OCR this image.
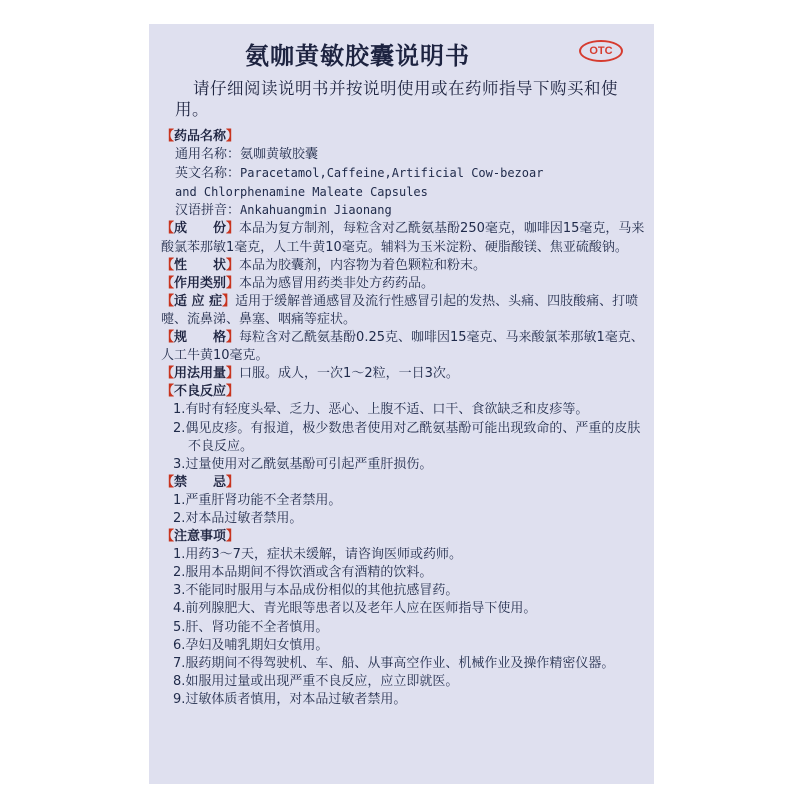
氨咖黄敏胶囊说明书	OTC
请仔细阅读说明书并按说明使用或在药师指导下购买和使用。
【药品名称】
通用名称：氨咖黄敏胶囊
英文名称：Paracetamol,Caffeine,Artificial Cow-bezoar
and Chlorphenamine Maleate Capsules
汉语拼音：Ankahuangmin Jiaonang
【成　　份】本品为复方制剂，每粒含对乙酰氨基酚250毫克，咖啡因15毫克，马来酸氯苯那敏1毫克，人工牛黄10毫克。辅料为玉米淀粉、硬脂酸镁、焦亚硫酸钠。
【性　　状】本品为胶囊剂，内容物为着色颗粒和粉末。
【作用类别】本品为感冒用药类非处方药药品。
【适 应 症】适用于缓解普通感冒及流行性感冒引起的发热、头痛、四肢酸痛、打喷嚏、流鼻涕、鼻塞、咽痛等症状。
【规　　格】每粒含对乙酰氨基酚0.25克、咖啡因15毫克、马来酸氯苯那敏1毫克、人工牛黄10毫克。
【用法用量】口服。成人，一次1～2粒，一日3次。
【不良反应】
1.有时有轻度头晕、乏力、恶心、上腹不适、口干、食欲缺乏和皮疹等。
2.偶见皮疹。有报道，极少数患者使用对乙酰氨基酚可能出现致命的、严重的皮肤不良反应。
3.过量使用对乙酰氨基酚可引起严重肝损伤。
【禁　　忌】
1.严重肝肾功能不全者禁用。
2.对本品过敏者禁用。
【注意事项】
1.用药3～7天，症状未缓解，请咨询医师或药师。
2.服用本品期间不得饮酒或含有酒精的饮料。
3.不能同时服用与本品成份相似的其他抗感冒药。
4.前列腺肥大、青光眼等患者以及老年人应在医师指导下使用。
5.肝、肾功能不全者慎用。
6.孕妇及哺乳期妇女慎用。
7.服药期间不得驾驶机、车、船、从事高空作业、机械作业及操作精密仪器。
8.如服用过量或出现严重不良反应，应立即就医。
9.过敏体质者慎用，对本品过敏者禁用。
